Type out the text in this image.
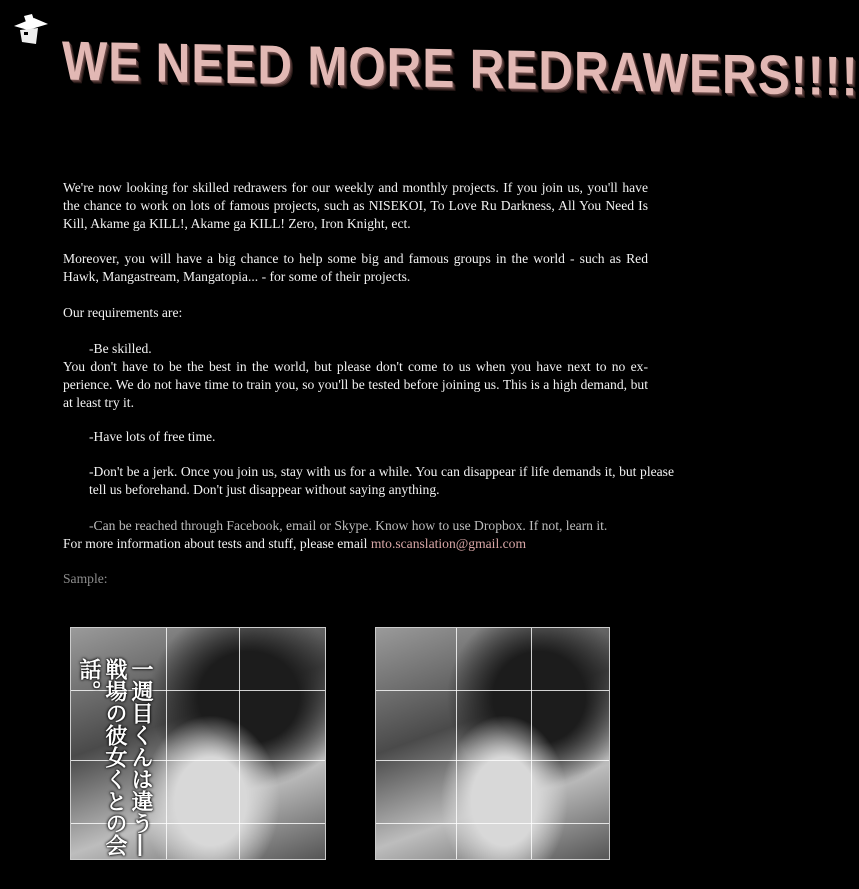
WE NEED MORE REDRAWERS!!!!

We're now looking for skilled redrawers for our weekly and monthly projects. If you join us, you'll have the chance to work on lots of famous projects, such as NISEKOI, To Love Ru Darkness, All You Need Is Kill, Akame ga KILL!, Akame ga KILL! Zero, Iron Knight, ect.

Moreover, you will have a big chance to help some big and famous groups in the world - such as Red Hawk, Mangastream, Mangatopia... - for some of their projects.

Our requirements are:

-Be skilled.

You don't have to be the best in the world, but please don't come to us when you have next to no ex-perience. We do not have time to train you, so you'll be tested before joining us. This is a high demand, but at least try it.

-Have lots of free time.

-Don't be a jerk. Once you join us, stay with us for a while. You can disappear if life demands it, but please tell us beforehand. Don't just disappear without saying anything.

-Can be reached through Facebook, email or Skype. Know how to use Dropbox. If not, learn it.

For more information about tests and stuff, please email mto.scanslation@gmail.com

Sample:

一週目くんは違う―戦場の彼女くとの会話。
